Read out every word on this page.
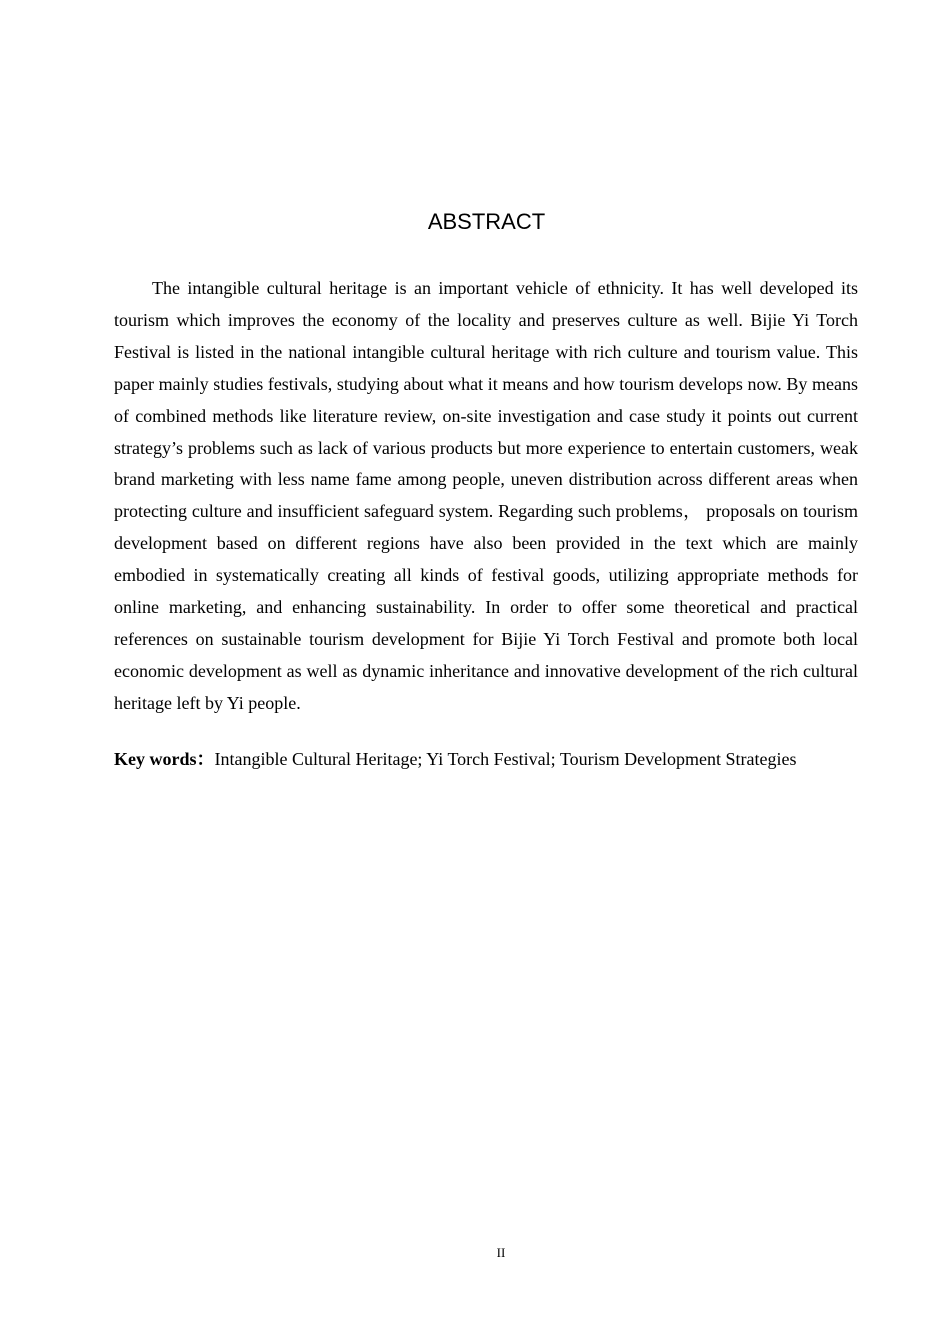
ABSTRACT

The intangible cultural heritage is an important vehicle of ethnicity. It has well developed its tourism which improves the economy of the locality and preserves culture as well. Bijie Yi Torch Festival is listed in the national intangible cultural heritage with rich culture and tourism value. This paper mainly studies festivals, studying about what it means and how tourism develops now. By means of combined methods like literature review, on-site investigation and case study it points out current strategy’s problems such as lack of various products but more experience to entertain customers, weak brand marketing with less name fame among people, uneven distribution across different areas when protecting culture and insufficient safeguard system. Regarding such problems， proposals on tourism development based on different regions have also been provided in the text which are mainly embodied in systematically creating all kinds of festival goods, utilizing appropriate methods for online marketing, and enhancing sustainability. In order to offer some theoretical and practical references on sustainable tourism development for Bijie Yi Torch Festival and promote both local economic development as well as dynamic inheritance and innovative development of the rich cultural heritage left by Yi people.

Key words：Intangible Cultural Heritage; Yi Torch Festival; Tourism Development Strategies

II
